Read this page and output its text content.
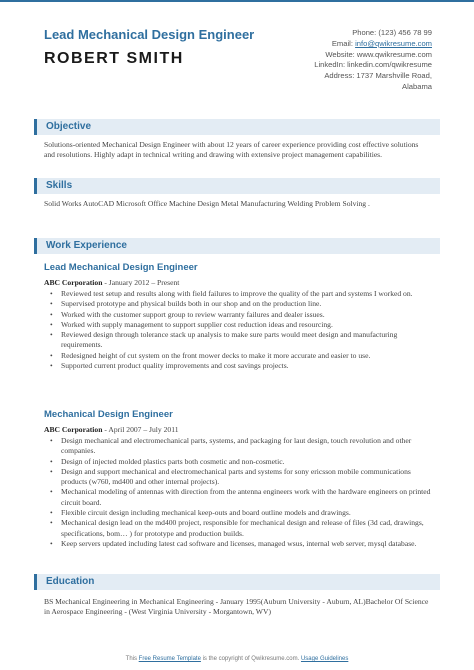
Lead Mechanical Design Engineer
ROBERT SMITH
Phone: (123) 456 78 99
Email: info@qwikresume.com
Website: www.qwikresume.com
LinkedIn: linkedin.com/qwikresume
Address: 1737 Marshville Road,
Alabama
Objective
Solutions-oriented Mechanical Design Engineer with about 12 years of career experience providing cost effective solutions and resolutions. Highly adapt in technical writing and drawing with extensive project management capabilities.
Skills
Solid Works AutoCAD Microsoft Office Machine Design Metal Manufacturing Welding Problem Solving .
Work Experience
Lead Mechanical Design Engineer
ABC Corporation - January 2012 – Present
• Reviewed test setup and results along with field failures to improve the quality of the part and systems I worked on.
• Supervised prototype and physical builds both in our shop and on the production line.
• Worked with the customer support group to review warranty failures and dealer issues.
• Worked with supply management to support supplier cost reduction ideas and resourcing.
• Reviewed design through tolerance stack up analysis to make sure parts would meet design and manufacturing requirements.
• Redesigned height of cut system on the front mower decks to make it more accurate and easier to use.
• Supported current product quality improvements and cost savings projects.
Mechanical Design Engineer
ABC Corporation - April 2007 – July 2011
• Design mechanical and electromechanical parts, systems, and packaging for laut design, touch revolution and other companies.
• Design of injected molded plastics parts both cosmetic and non-cosmetic.
• Design and support mechanical and electromechanical parts and systems for sony ericsson mobile communications products (w760, md400 and other internal projects).
• Mechanical modeling of antennas with direction from the antenna engineers work with the hardware engineers on printed circuit board.
• Flexible circuit design including mechanical keep-outs and board outline models and drawings.
• Mechanical design lead on the md400 project, responsible for mechanical design and release of files (3d cad, drawings, specifications, bom… ) for prototype and production builds.
• Keep servers updated including latest cad software and licenses, managed wsus, internal web server, mysql database.
Education
BS Mechanical Engineering in Mechanical Engineering - January 1995(Auburn University - Auburn, AL)Bachelor Of Science in Aerospace Engineering - (West Virginia University - Morgantown, WV)
This Free Resume Template is the copyright of Qwikresume.com. Usage Guidelines
